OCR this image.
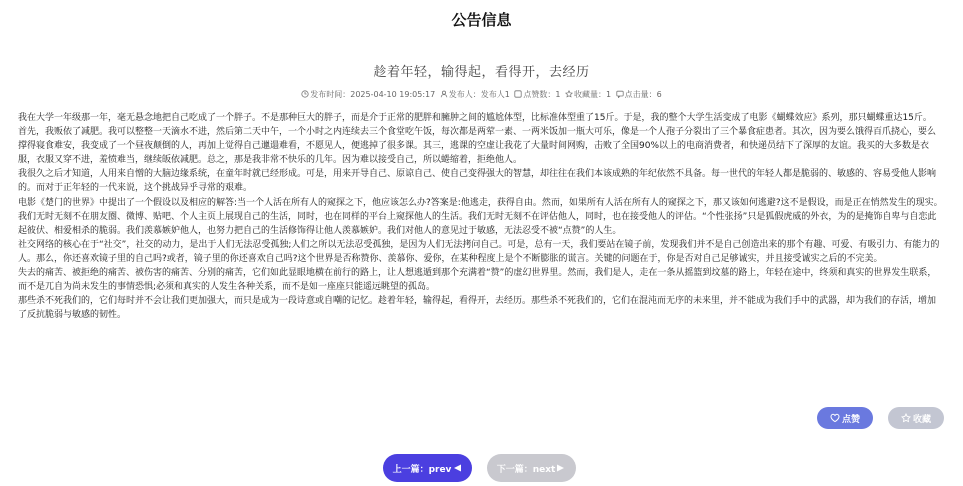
公告信息
趁着年轻，输得起，看得开，去经历
发布时间：2025-04-10 19:05:17 发布人：发布人1 点赞数：1 收藏量：1 点击量：6

我在大学一年级那一年，毫无悬念地把自己吃成了一个胖子。不是那种巨大的胖子，而是介于正常的肥胖和臃肿之间的尴尬体型，比标准体型重了15斤。于是，我的整个大学生活变成了电影《蝴蝶效应》系列，那只蝴蝶重达15斤。

首先，我贩依了减肥。我可以整整一天滴水不进，然后第二天中午，一个小时之内连续去三个食堂吃午饭，每次都是两荤一素、一两米饭加一瓶大可乐，像是一个人孢子分裂出了三个暴食症患者。其次，因为要么饿得百爪挠心，要么撑得寝食难安，我变成了一个昼夜颠倒的人，再加上觉得自己邋遢难看，不愿见人，便逃掉了很多课。其三，逃课的空虚让我花了大量时间网购，击败了全国90%以上的电商消费者，和快递员结下了深厚的友谊。我买的大多数是衣服，衣服又穿不进，羞愤难当，继续皈依减肥。总之，那是我非常不快乐的几年。因为难以接受自己，所以蜷缩着，拒绝他人。

我很久之后才知道，人用来自憎的大脑边缘系统，在童年时就已经形成。可是，用来开导自己、原谅自己、使自己变得强大的智慧，却往往在我们本该成熟的年纪依然不具备。每一世代的年轻人都是脆弱的、敏感的、容易受他人影响的。而对于正年轻的一代来说，这个挑战异乎寻常的艰难。

电影《楚门的世界》中提出了一个假设以及相应的解答:当一个人活在所有人的窥探之下，他应该怎么办?答案是:他逃走，获得自由。然而，如果所有人活在所有人的窥探之下，那又该如何逃避?这不是假设，而是正在悄然发生的现实。我们无时无刻不在朋友圈、微博、贴吧、个人主页上展现自己的生活，同时，也在同样的平台上窥探他人的生活。我们无时无刻不在评估他人，同时，也在接受他人的评估。“个性张扬”只是狐假虎威的外衣，为的是掩饰自卑与自恋此起彼伏、相爱相杀的脆弱。我们羡慕嫉妒他人，也努力把自己的生活修饰得让他人羡慕嫉妒。我们对他人的意见过于敏感，无法忍受不被“点赞”的人生。

社交网络的核心在于“社交”，社交的动力，是出于人们无法忍受孤独;人们之所以无法忍受孤独，是因为人们无法拷问自己。可是，总有一天，我们要站在镜子前，发现我们并不是自己创造出来的那个有趣、可爱、有吸引力、有能力的人。那么，你还喜欢镜子里的自己吗?或者，镜子里的你还喜欢自己吗?这个世界是否称赞你、羡慕你、爱你，在某种程度上是个不断膨胀的谎言。关键的问题在于，你是否对自己足够诚实，并且接受诚实之后的不完美。

失去的痛苦、被拒绝的痛苦、被伤害的痛苦、分别的痛苦，它们如此显眼地横在前行的路上，让人想逃遁到那个充满着“赞”的虚幻世界里。然而，我们是人，走在一条从摇篮到坟墓的路上，年轻在途中，终须和真实的世界发生联系，而不是兀自为尚未发生的事情恐惧;必须和真实的人发生各种关系，而不是如一座座只能遥远眺望的孤岛。

那些杀不死我们的，它们每时并不会让我们更加强大，而只是成为一段诗意或自嘲的记忆。趁着年轻，输得起，看得开，去经历。那些杀不死我们的，它们在混沌而无序的未来里，并不能成为我们手中的武器，却为我们的存活，增加了反抗脆弱与敏感的韧性。

点赞	收藏
上一篇：prev	下一篇：next
